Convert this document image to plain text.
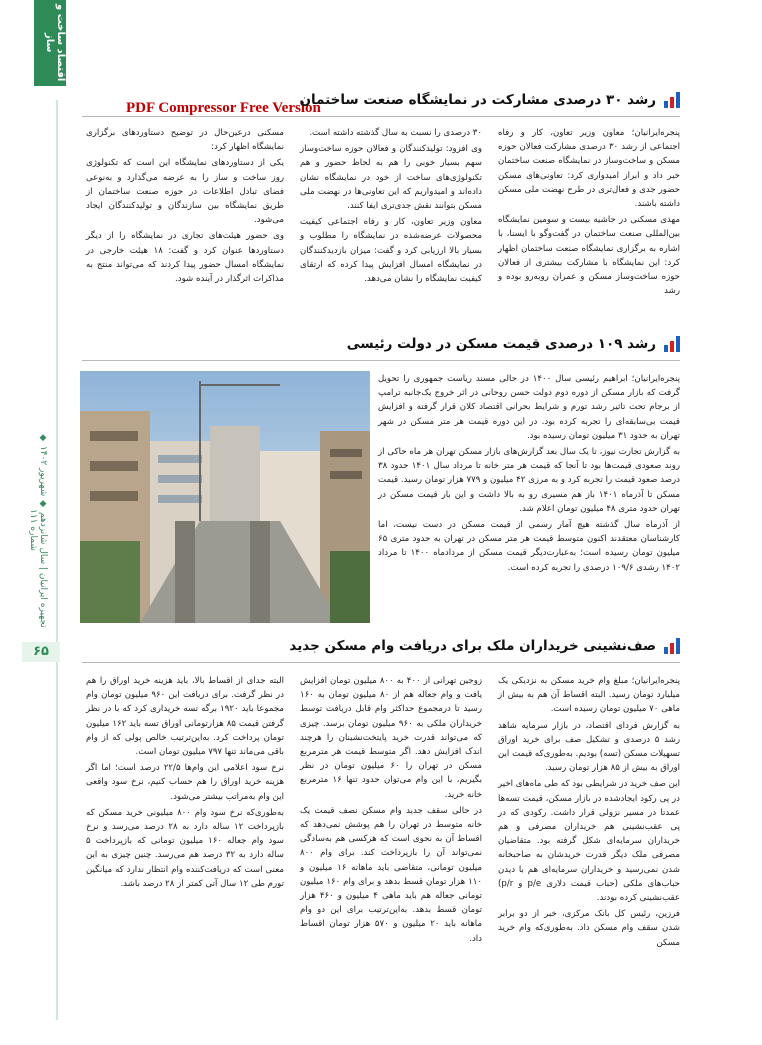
اقتصاد ساخت و ساز
تجهیزه ایرانیان | سال شانزدهم ◆ شهریور ۱۴۰۲ ◆ شماره ۱۱۱
۶۵
PDF Compressor Free Version
رشد ۳۰ درصدی مشارکت در نمایشگاه صنعت ساختمان

پنجره‌ایرانیان؛ معاون وزیر تعاون، کار و رفاه اجتماعی از رشد ۳۰ درصدی مشارکت فعالان حوزه مسکن و ساخت‌وساز در نمایشگاه صنعت ساختمان خبر داد و ابراز امیدواری کرد: تعاونی‌های مسکن حضور جدی و فعال‌تری در طرح نهضت ملی مسکن داشته باشند.

مهدی مسکنی در حاشیه بیست و سومین نمایشگاه بین‌المللی صنعت ساختمان در گفت‌وگو با ایسنا، با اشاره به برگزاری نمایشگاه صنعت ساختمان اظهار کرد: این نمایشگاه با مشارکت بیشتری از فعالان حوزه ساخت‌وساز مسکن و عمران روبه‌رو بوده و رشد

۳۰ درصدی را نسبت به سال گذشته داشته است.

وی افزود: تولیدکنندگان و فعالان حوزه ساخت‌وساز سهم بسیار خوبی را هم به لحاظ حضور و هم تکنولوژی‌های ساخت از خود در نمایشگاه نشان داده‌اند و امیدواریم که این تعاونی‌ها در نهضت ملی مسکن بتوانند نقش جدی‌تری ایفا کنند.

معاون وزیر تعاون، کار و رفاه اجتماعی کیفیت محصولات عرضه‌شده در نمایشگاه را مطلوب و بسیار بالا ارزیابی کرد و گفت: میزان بازدیدکنندگان در نمایشگاه امسال افزایش پیدا کرده که ارتقای کیفیت نمایشگاه را نشان می‌دهد.

مسکنی درعین‌حال در توضیح دستاوردهای برگزاری نمایشگاه اظهار کرد:

یکی از دستاوردهای نمایشگاه این است که تکنولوژی روز ساخت و ساز را به عرضه می‌گذارد و به‌نوعی فضای تبادل اطلاعات در حوزه صنعت ساختمان از طریق نمایشگاه بین سازندگان و تولیدکنندگان ایجاد می‌شود.

وی حضور هیئت‌های تجاری در نمایشگاه را از دیگر دستاوردها عنوان کرد و گفت: ۱۸ هیئت خارجی در نمایشگاه امسال حضور پیدا کردند که می‌تواند منتج به مذاکرات اثرگذار در آینده شود.

رشد ۱۰۹ درصدی قیمت مسکن در دولت رئیسی

پنجره‌ایرانیان؛ ابراهیم رئیسی سال ۱۴۰۰ در حالی مسند ریاست جمهوری را تحویل گرفت که بازار مسکن از دوره دوم دولت حسن روحانی در اثر خروج یک‌جانبه ترامپ از برجام تحت تاثیر رشد تورم و شرایط بحرانی اقتصاد کلان قرار گرفته و افزایش قیمت بی‌سابقه‌ای را تجربه کرده بود. در این دوره قیمت هر متر مسکن در شهر تهران به حدود ۳۱ میلیون تومان رسیده بود.

به گزارش تجارت نیوز، تا یک سال بعد گزارش‌های بازار مسکن تهران هر ماه حاکی از روند صعودی قیمت‌ها بود تا آنجا که قیمت هر متر خانه تا مرداد سال ۱۴۰۱ حدود ۳۸ درصد صعود قیمت را تجربه کرد و به مرزی ۴۲ میلیون و ۷۷۹ هزار تومان رسید. قیمت مسکن تا آذرماه ۱۴۰۱ باز هم مسیری رو به بالا داشت و این بار قیمت مسکن در تهران حدود متری ۴۸ میلیون تومان اعلام شد.

از آذرماه سال گذشته هیچ آمار رسمی از قیمت مسکن در دست نیست، اما کارشناسان معتقدند اکنون متوسط قیمت هر متر مسکن در تهران به حدود متری ۶۵ میلیون تومان رسیده است؛ به‌عبارت‌دیگر قیمت مسکن از مردادماه ۱۴۰۰ تا مرداد ۱۴۰۲ رشدی ۱۰۹/۶ درصدی را تجربه کرده است.

صف‌نشینی خریداران ملک برای دریافت وام مسکن جدید

پنجره‌ایرانیان؛ مبلغ وام خرید مسکن به نزدیکی یک میلیارد تومان رسید. البته اقساط آن هم به بیش از ماهی ۷۰ میلیون تومان رسیده است.

به گزارش فردای اقتصاد، در بازار سرمایه شاهد رشد ۵ درصدی و تشکیل صف برای خرید اوراق تسهیلات مسکن (تسه) بودیم. به‌طوری‌که قیمت این اوراق به بیش از ۸۵ هزار تومان رسید.

این صف خرید در شرایطی بود که طی ماه‌های اخیر در پی رکود ایجادشده در بازار مسکن، قیمت تسه‌ها عمدتا در مسیر نزولی قرار داشت. رکودی که در پی عقب‌نشینی هم خریداران مصرفی و هم خریداران سرمایه‌ای شکل گرفته بود. متقاضیان مصرفی ملک دیگر قدرت خریدشان به صاحبخانه شدن نمی‌رسید و خریداران سرمایه‌ای هم با دیدن حباب‌های ملکی (حباب قیمت دلاری p/e و p/r) عقب‌نشینی کرده بودند.

فرزین، رئیس کل بانک مرکزی، خبر از دو برابر شدن سقف وام مسکن داد. به‌طوری‌که وام خرید مسکن

زوجین تهرانی از ۴۰۰ به ۸۰۰ میلیون تومان افزایش یافت و وام جعاله هم از ۸۰ میلیون تومان به ۱۶۰ رسید تا درمجموع حداکثر وام قابل دریافت توسط خریداران ملکی به ۹۶۰ میلیون تومان برسد. چیزی که می‌تواند قدرت خرید پایتخت‌نشینان را هرچند اندک افزایش دهد. اگر متوسط قیمت هر مترمربع مسکن در تهران را ۶۰ میلیون تومان در نظر بگیریم، با این وام می‌توان حدود تنها ۱۶ مترمربع خانه خرید.

در حالی سقف جدید وام مسکن نصف قیمت یک خانه متوسط در تهران را هم پوشش نمی‌دهد که اقساط آن به نحوی است که هرکسی هم به‌سادگی نمی‌تواند آن را بازپرداخت کند. برای وام ۸۰۰ میلیون تومانی، متقاضی باید ماهانه ۱۶ میلیون و ۱۱۰ هزار تومان قسط بدهد و برای وام ۱۶۰ میلیون تومانی جعاله هم باید ماهی ۴ میلیون و ۴۶۰ هزار تومان قسط بدهد. به‌این‌ترتیب برای این دو وام ماهانه باید ۲۰ میلیون و ۵۷۰ هزار تومان اقساط داد.

البته جدای از اقساط بالا، باید هزینه خرید اوراق را هم در نظر گرفت. برای دریافت این ۹۶۰ میلیون تومان وام مجموعا باید ۱۹۲۰ برگه تسه خریداری کرد که با در نظر گرفتن قیمت ۸۵ هزارتومانی اوراق تسه باید ۱۶۲ میلیون تومان پرداخت کرد. به‌این‌ترتیب خالص پولی که از وام باقی می‌ماند تنها ۷۹۷ میلیون تومان است.

نرخ سود اعلامی این وام‌ها ۲۲/۵ درصد است؛ اما اگر هزینه خرید اوراق را هم حساب کنیم، نرخ سود واقعی این وام به‌مراتب بیشتر می‌شود.

به‌طوری‌که نرخ سود وام ۸۰۰ میلیونی خرید مسکن که بازپرداخت ۱۲ ساله دارد به ۲۸ درصد می‌رسد و نرخ سود وام جعاله ۱۶۰ میلیون تومانی که بازپرداخت ۵ ساله دارد به ۳۲ درصد هم می‌رسد. چنین چیزی به این معنی است که دریافت‌کننده وام انتظار ندارد که میانگین تورم طی ۱۲ سال آتی کمتر از ۲۸ درصد باشد.
